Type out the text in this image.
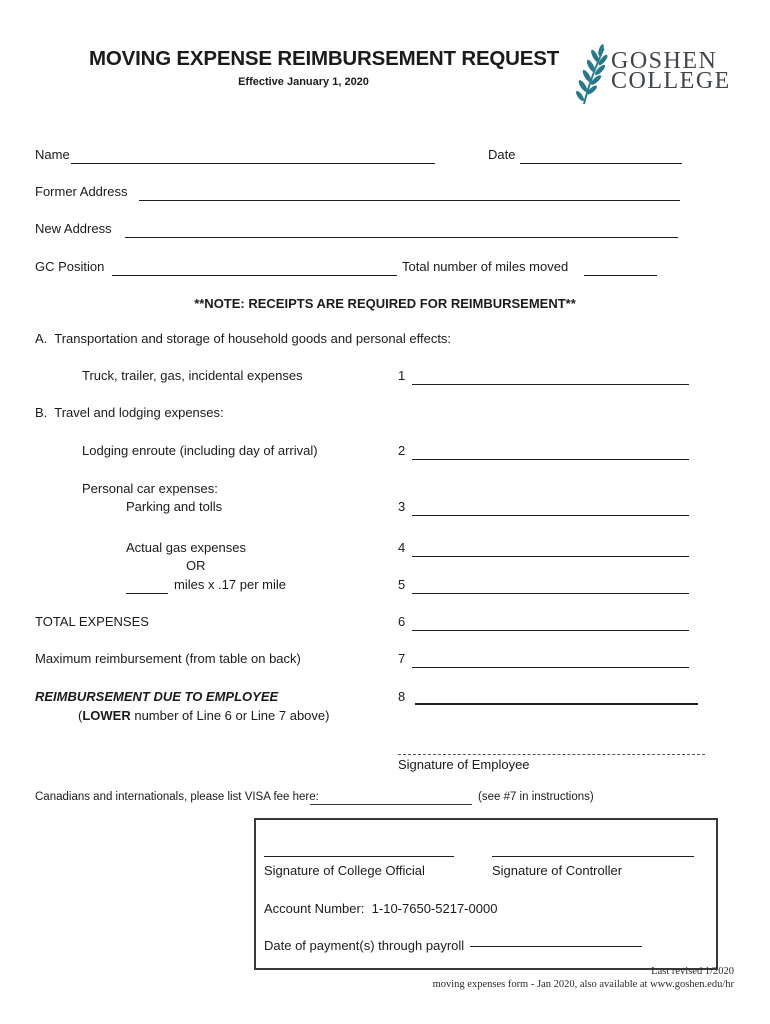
MOVING EXPENSE REIMBURSEMENT REQUEST
Effective January 1, 2020
GOSHEN
COLLEGE
Name	Date
Former Address
New Address
GC Position	Total number of miles moved
**NOTE: RECEIPTS ARE REQUIRED FOR REIMBURSEMENT**
A.  Transportation and storage of household goods and personal effects:
Truck, trailer, gas, incidental expenses	1
B.  Travel and lodging expenses:
Lodging enroute (including day of arrival)	2
Personal car expenses:
Parking and tolls	3
Actual gas expenses	4
OR
miles x .17 per mile	5
TOTAL EXPENSES	6
Maximum reimbursement (from table on back)	7
REIMBURSEMENT DUE TO EMPLOYEE	8
(LOWER number of Line 6 or Line 7 above)
Signature of Employee
Canadians and internationals, please list VISA fee here:	(see #7 in instructions)
Signature of College Official	Signature of Controller
Account Number:  1-10-7650-5217-0000
Date of payment(s) through payroll
Last revised 1/2020
moving expenses form - Jan 2020, also available at www.goshen.edu/hr
